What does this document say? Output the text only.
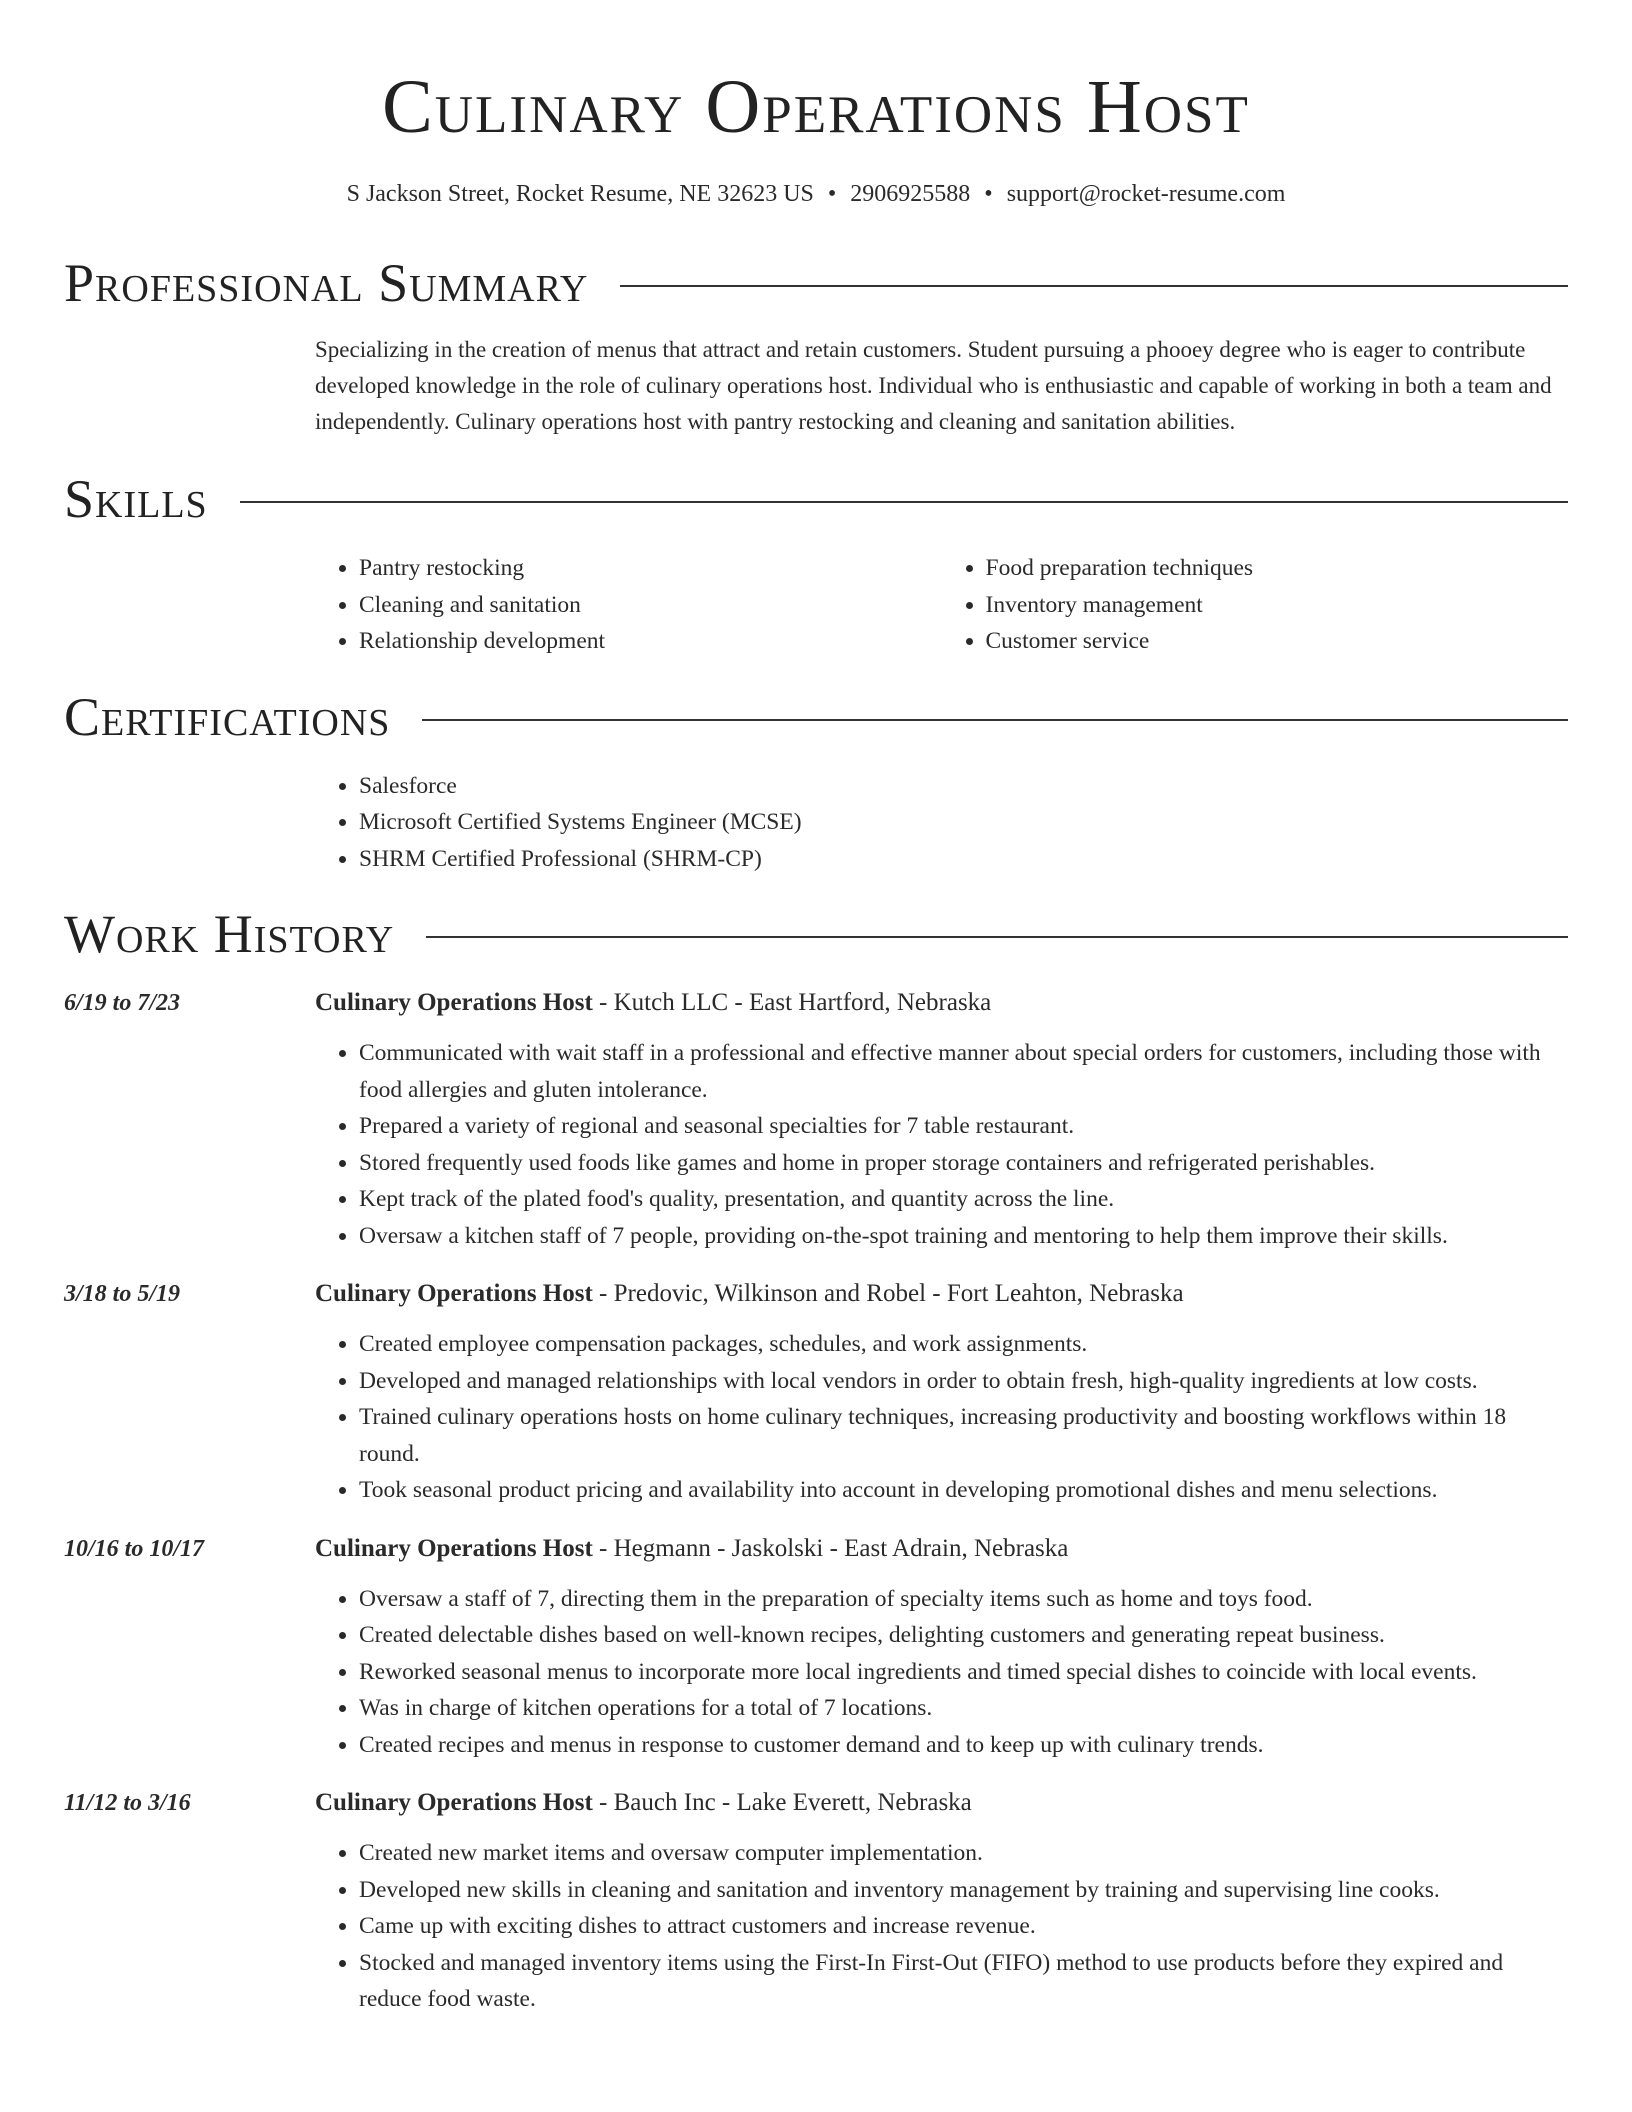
Culinary Operations Host
S Jackson Street, Rocket Resume, NE 32623 US • 2906925588 • support@rocket-resume.com
Professional Summary
Specializing in the creation of menus that attract and retain customers. Student pursuing a phooey degree who is eager to contribute developed knowledge in the role of culinary operations host. Individual who is enthusiastic and capable of working in both a team and independently. Culinary operations host with pantry restocking and cleaning and sanitation abilities.
Skills
• Pantry restocking
• Cleaning and sanitation
• Relationship development
• Food preparation techniques
• Inventory management
• Customer service
Certifications
• Salesforce
• Microsoft Certified Systems Engineer (MCSE)
• SHRM Certified Professional (SHRM-CP)
Work History
6/19 to 7/23	Culinary Operations Host - Kutch LLC - East Hartford, Nebraska
• Communicated with wait staff in a professional and effective manner about special orders for customers, including those with food allergies and gluten intolerance.
• Prepared a variety of regional and seasonal specialties for 7 table restaurant.
• Stored frequently used foods like games and home in proper storage containers and refrigerated perishables.
• Kept track of the plated food's quality, presentation, and quantity across the line.
• Oversaw a kitchen staff of 7 people, providing on-the-spot training and mentoring to help them improve their skills.
3/18 to 5/19	Culinary Operations Host - Predovic, Wilkinson and Robel - Fort Leahton, Nebraska
• Created employee compensation packages, schedules, and work assignments.
• Developed and managed relationships with local vendors in order to obtain fresh, high-quality ingredients at low costs.
• Trained culinary operations hosts on home culinary techniques, increasing productivity and boosting workflows within 18 round.
• Took seasonal product pricing and availability into account in developing promotional dishes and menu selections.
10/16 to 10/17	Culinary Operations Host - Hegmann - Jaskolski - East Adrain, Nebraska
• Oversaw a staff of 7, directing them in the preparation of specialty items such as home and toys food.
• Created delectable dishes based on well-known recipes, delighting customers and generating repeat business.
• Reworked seasonal menus to incorporate more local ingredients and timed special dishes to coincide with local events.
• Was in charge of kitchen operations for a total of 7 locations.
• Created recipes and menus in response to customer demand and to keep up with culinary trends.
11/12 to 3/16	Culinary Operations Host - Bauch Inc - Lake Everett, Nebraska
• Created new market items and oversaw computer implementation.
• Developed new skills in cleaning and sanitation and inventory management by training and supervising line cooks.
• Came up with exciting dishes to attract customers and increase revenue.
• Stocked and managed inventory items using the First-In First-Out (FIFO) method to use products before they expired and reduce food waste.
